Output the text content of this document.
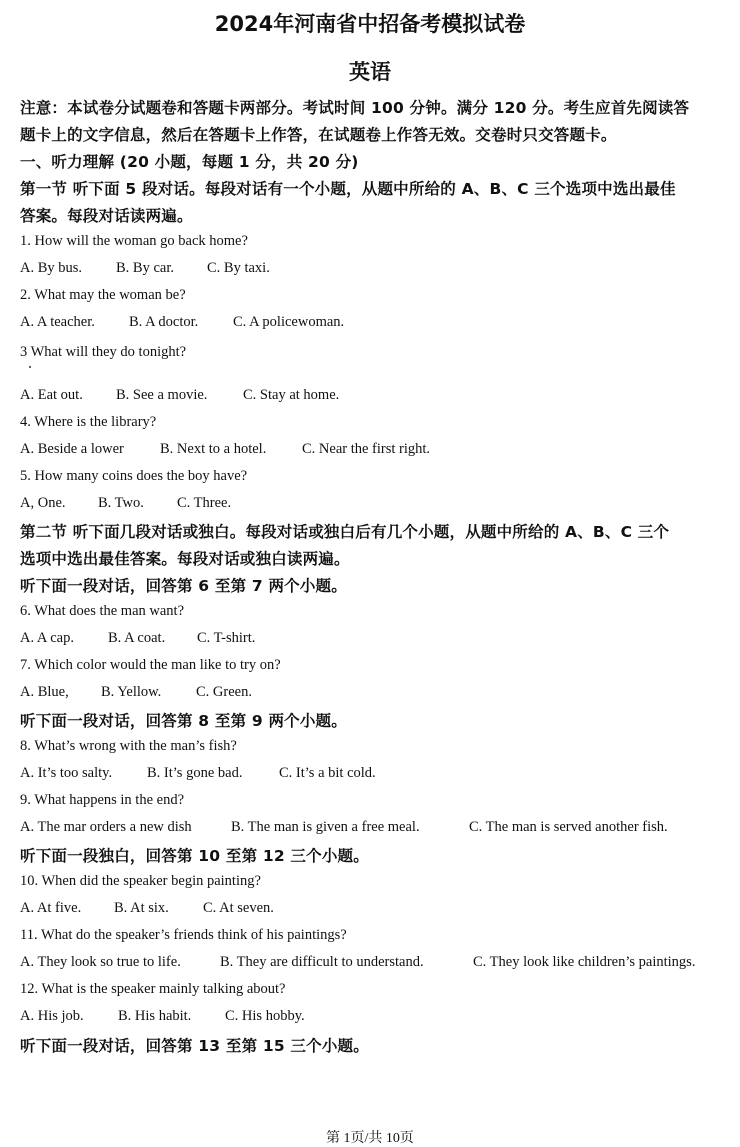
2024年河南省中招备考模拟试卷
英语
注意：本试卷分试题卷和答题卡两部分。考试时间 100 分钟。满分 120 分。考生应首先阅读答
题卡上的文字信息，然后在答题卡上作答，在试题卷上作答无效。交卷时只交答题卡。
一、听力理解 (20 小题，每题 1 分，共 20 分)
第一节 听下面 5 段对话。每段对话有一个小题，从题中所给的 A、B、C 三个选项中选出最佳
答案。每段对话读两遍。
1. How will the woman go back home?
A. By bus. B. By car. C. By taxi.
2. What may the woman be?
A. A teacher. B. A doctor. C. A policewoman.
3 What will they do tonight?
A. Eat out. B. See a movie. C. Stay at home.
4. Where is the library?
A. Beside a lower B. Next to a hotel. C. Near the first right.
5. How many coins does the boy have?
A, One. B. Two. C. Three.
第二节 听下面几段对话或独白。每段对话或独白后有几个小题，从题中所给的 A、B、C 三个
选项中选出最佳答案。每段对话或独白读两遍。
听下面一段对话，回答第 6 至第 7 两个小题。
6. What does the man want?
A. A cap. B. A coat. C. T-shirt.
7. Which color would the man like to try on?
A. Blue, B. Yellow. C. Green.
听下面一段对话，回答第 8 至第 9 两个小题。
8. What’s wrong with the man’s fish?
A. It’s too salty. B. It’s gone bad.	C. It’s a bit cold.
9. What happens in the end?
A. The mar orders a new dish	B. The man is given a free meal.	C. The man is served another fish.
听下面一段独白，回答第 10 至第 12 三个小题。
10. When did the speaker begin painting?
A. At five. B. At six. C. At seven.
11. What do the speaker’s friends think of his paintings?
A. They look so true to life.	B. They are difficult to understand.	C. They look like children’s paintings.
12. What is the speaker mainly talking about?
A. His job. B. His habit. C. His hobby.
听下面一段对话，回答第 13 至第 15 三个小题。
第 1页/共 10页
